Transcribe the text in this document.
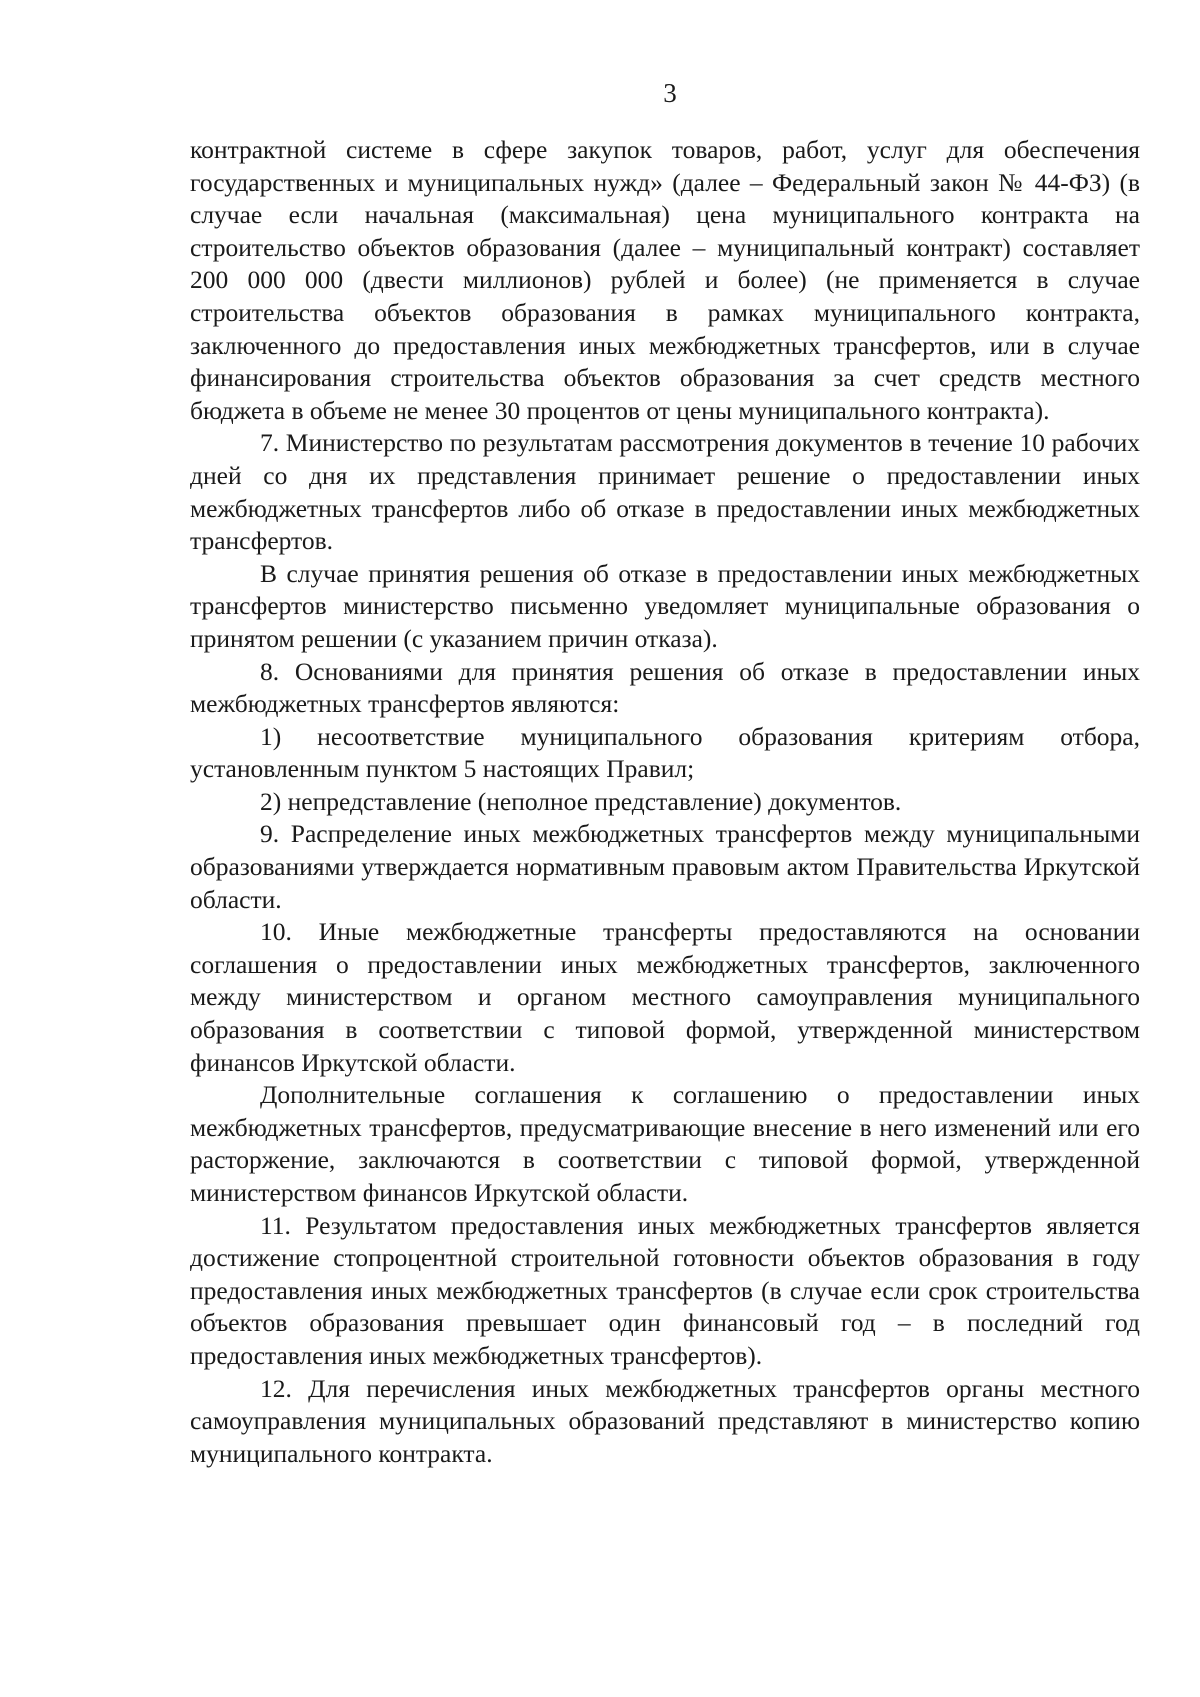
3

контрактной системе в сфере закупок товаров, работ, услуг для обеспечения государственных и муниципальных нужд» (далее – Федеральный закон № 44-ФЗ) (в случае если начальная (максимальная) цена муниципального контракта на строительство объектов образования (далее – муниципальный контракт) составляет 200 000 000 (двести миллионов) рублей и более) (не применяется в случае строительства объектов образования в рамках муниципального контракта, заключенного до предоставления иных межбюджетных трансфертов, или в случае финансирования строительства объектов образования за счет средств местного бюджета в объеме не менее 30 процентов от цены муниципального контракта).

7. Министерство по результатам рассмотрения документов в течение 10 рабочих дней со дня их представления принимает решение о предоставлении иных межбюджетных трансфертов либо об отказе в предоставлении иных межбюджетных трансфертов.

В случае принятия решения об отказе в предоставлении иных межбюджетных трансфертов министерство письменно уведомляет муниципальные образования о принятом решении (с указанием причин отказа).

8. Основаниями для принятия решения об отказе в предоставлении иных межбюджетных трансфертов являются:

1) несоответствие муниципального образования критериям отбора, установленным пунктом 5 настоящих Правил;

2) непредставление (неполное представление) документов.

9. Распределение иных межбюджетных трансфертов между муниципальными образованиями утверждается нормативным правовым актом Правительства Иркутской области.

10. Иные межбюджетные трансферты предоставляются на основании соглашения о предоставлении иных межбюджетных трансфертов, заключенного между министерством и органом местного самоуправления муниципального образования в соответствии с типовой формой, утвержденной министерством финансов Иркутской области.

Дополнительные соглашения к соглашению о предоставлении иных межбюджетных трансфертов, предусматривающие внесение в него изменений или его расторжение, заключаются в соответствии с типовой формой, утвержденной министерством финансов Иркутской области.

11. Результатом предоставления иных межбюджетных трансфертов является достижение стопроцентной строительной готовности объектов образования в году предоставления иных межбюджетных трансфертов (в случае если срок строительства объектов образования превышает один финансовый год – в последний год предоставления иных межбюджетных трансфертов).

12. Для перечисления иных межбюджетных трансфертов органы местного самоуправления муниципальных образований представляют в министерство копию муниципального контракта.
